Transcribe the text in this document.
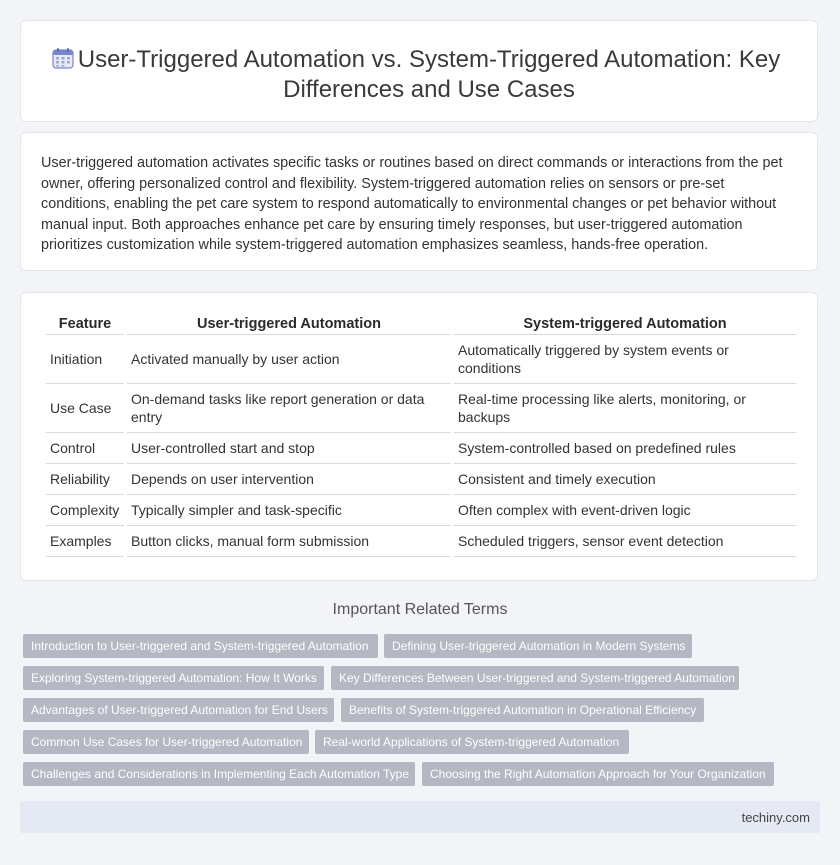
User-Triggered Automation vs. System-Triggered Automation: Key Differences and Use Cases
User-triggered automation activates specific tasks or routines based on direct commands or interactions from the pet owner, offering personalized control and flexibility. System-triggered automation relies on sensors or pre-set conditions, enabling the pet care system to respond automatically to environmental changes or pet behavior without manual input. Both approaches enhance pet care by ensuring timely responses, but user-triggered automation prioritizes customization while system-triggered automation emphasizes seamless, hands-free operation.
Feature	User-triggered Automation	System-triggered Automation
Initiation	Activated manually by user action	Automatically triggered by system events or conditions
Use Case	On-demand tasks like report generation or data entry	Real-time processing like alerts, monitoring, or backups
Control	User-controlled start and stop	System-controlled based on predefined rules
Reliability	Depends on user intervention	Consistent and timely execution
Complexity	Typically simpler and task-specific	Often complex with event-driven logic
Examples	Button clicks, manual form submission	Scheduled triggers, sensor event detection
Important Related Terms
Introduction to User-triggered and System-triggered Automation	Defining User-triggered Automation in Modern Systems
Exploring System-triggered Automation: How It Works	Key Differences Between User-triggered and System-triggered Automation
Advantages of User-triggered Automation for End Users	Benefits of System-triggered Automation in Operational Efficiency
Common Use Cases for User-triggered Automation	Real-world Applications of System-triggered Automation
Challenges and Considerations in Implementing Each Automation Type	Choosing the Right Automation Approach for Your Organization
techiny.com
